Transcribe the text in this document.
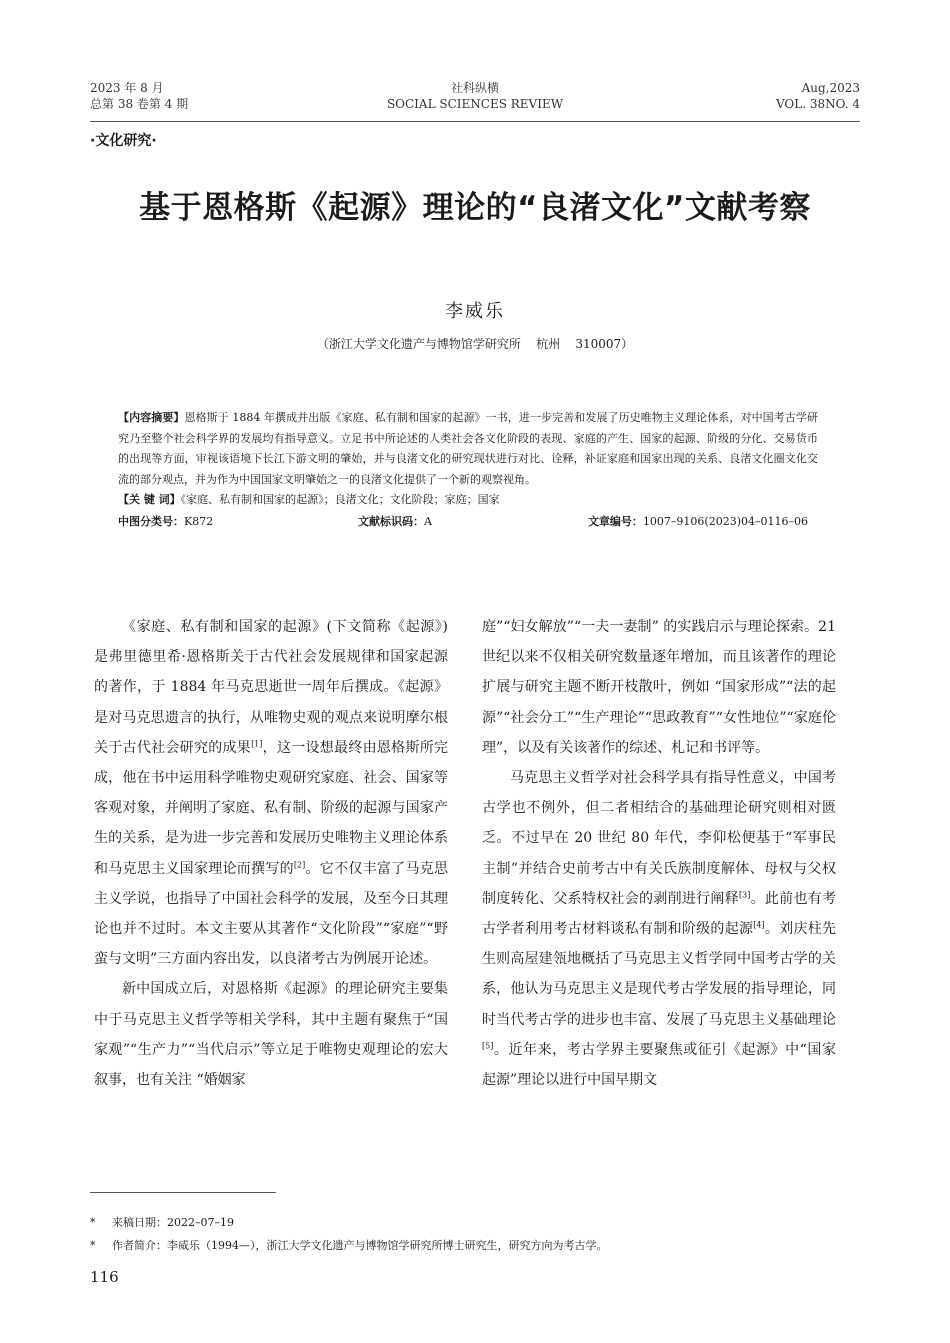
2023 年 8 月
总第 38 卷第 4 期
社科纵横
SOCIAL SCIENCES REVIEW
Aug,2023
VOL. 38NO. 4
·文化研究·
基于恩格斯《起源》理论的“良渚文化”文献考察
李威乐
（浙江大学文化遗产与博物馆学研究所    杭州    310007）
【内容摘要】恩格斯于 1884 年撰成并出版《家庭、私有制和国家的起源》一书，进一步完善和发展了历史唯物主义理论体系，对中国考古学研究乃至整个社会科学界的发展均有指导意义。立足书中所论述的人类社会各文化阶段的表现、家庭的产生、国家的起源、阶级的分化、交易货币的出现等方面，审视该语境下长江下游文明的肇始，并与良渚文化的研究现状进行对比、诠释，补证家庭和国家出现的关系、良渚文化圈文化交流的部分观点，并为作为中国国家文明肇始之一的良渚文化提供了一个新的观察视角。
【关 键 词】《家庭、私有制和国家的起源》；良渚文化；文化阶段；家庭；国家
中图分类号：K872	文献标识码：A	文章编号：1007–9106(2023)04–0116–06

《家庭、私有制和国家的起源》(下文简称《起源》) 是弗里德里希·恩格斯关于古代社会发展规律和国家起源的著作，于 1884 年马克思逝世一周年后撰成。《起源》是对马克思遗言的执行，从唯物史观的观点来说明摩尔根关于古代社会研究的成果[1]，这一设想最终由恩格斯所完成，他在书中运用科学唯物史观研究家庭、社会、国家等客观对象，并阐明了家庭、私有制、阶级的起源与国家产生的关系，是为进一步完善和发展历史唯物主义理论体系和马克思主义国家理论而撰写的[2]。它不仅丰富了马克思主义学说，也指导了中国社会科学的发展，及至今日其理论也并不过时。本文主要从其著作“文化阶段”“家庭”“野蛮与文明”三方面内容出发，以良渚考古为例展开论述。

新中国成立后，对恩格斯《起源》的理论研究主要集中于马克思主义哲学等相关学科，其中主题有聚焦于“国家观”“生产力”“当代启示”等立足于唯物史观理论的宏大叙事，也有关注 “婚姻家

庭”“妇女解放”“一夫一妻制” 的实践启示与理论探索。21 世纪以来不仅相关研究数量逐年增加，而且该著作的理论扩展与研究主题不断开枝散叶，例如 “国家形成”“法的起源”“社会分工”“生产理论”“思政教育”“女性地位”“家庭伦理”，以及有关该著作的综述、札记和书评等。

马克思主义哲学对社会科学具有指导性意义，中国考古学也不例外，但二者相结合的基础理论研究则相对匮乏。不过早在 20 世纪 80 年代，李仰松便基于“军事民主制”并结合史前考古中有关氏族制度解体、母权与父权制度转化、父系特权社会的剥削进行阐释[3]。此前也有考古学者利用考古材料谈私有制和阶级的起源[4]。刘庆柱先生则高屋建瓴地概括了马克思主义哲学同中国考古学的关系，他认为马克思主义是现代考古学发展的指导理论，同时当代考古学的进步也丰富、发展了马克思主义基础理论[5]。近年来，考古学界主要聚焦或征引《起源》中“国家起源”理论以进行中国早期文

* 来稿日期：2022–07–19
* 作者简介：李威乐（1994—），浙江大学文化遗产与博物馆学研究所博士研究生，研究方向为考古学。
116
